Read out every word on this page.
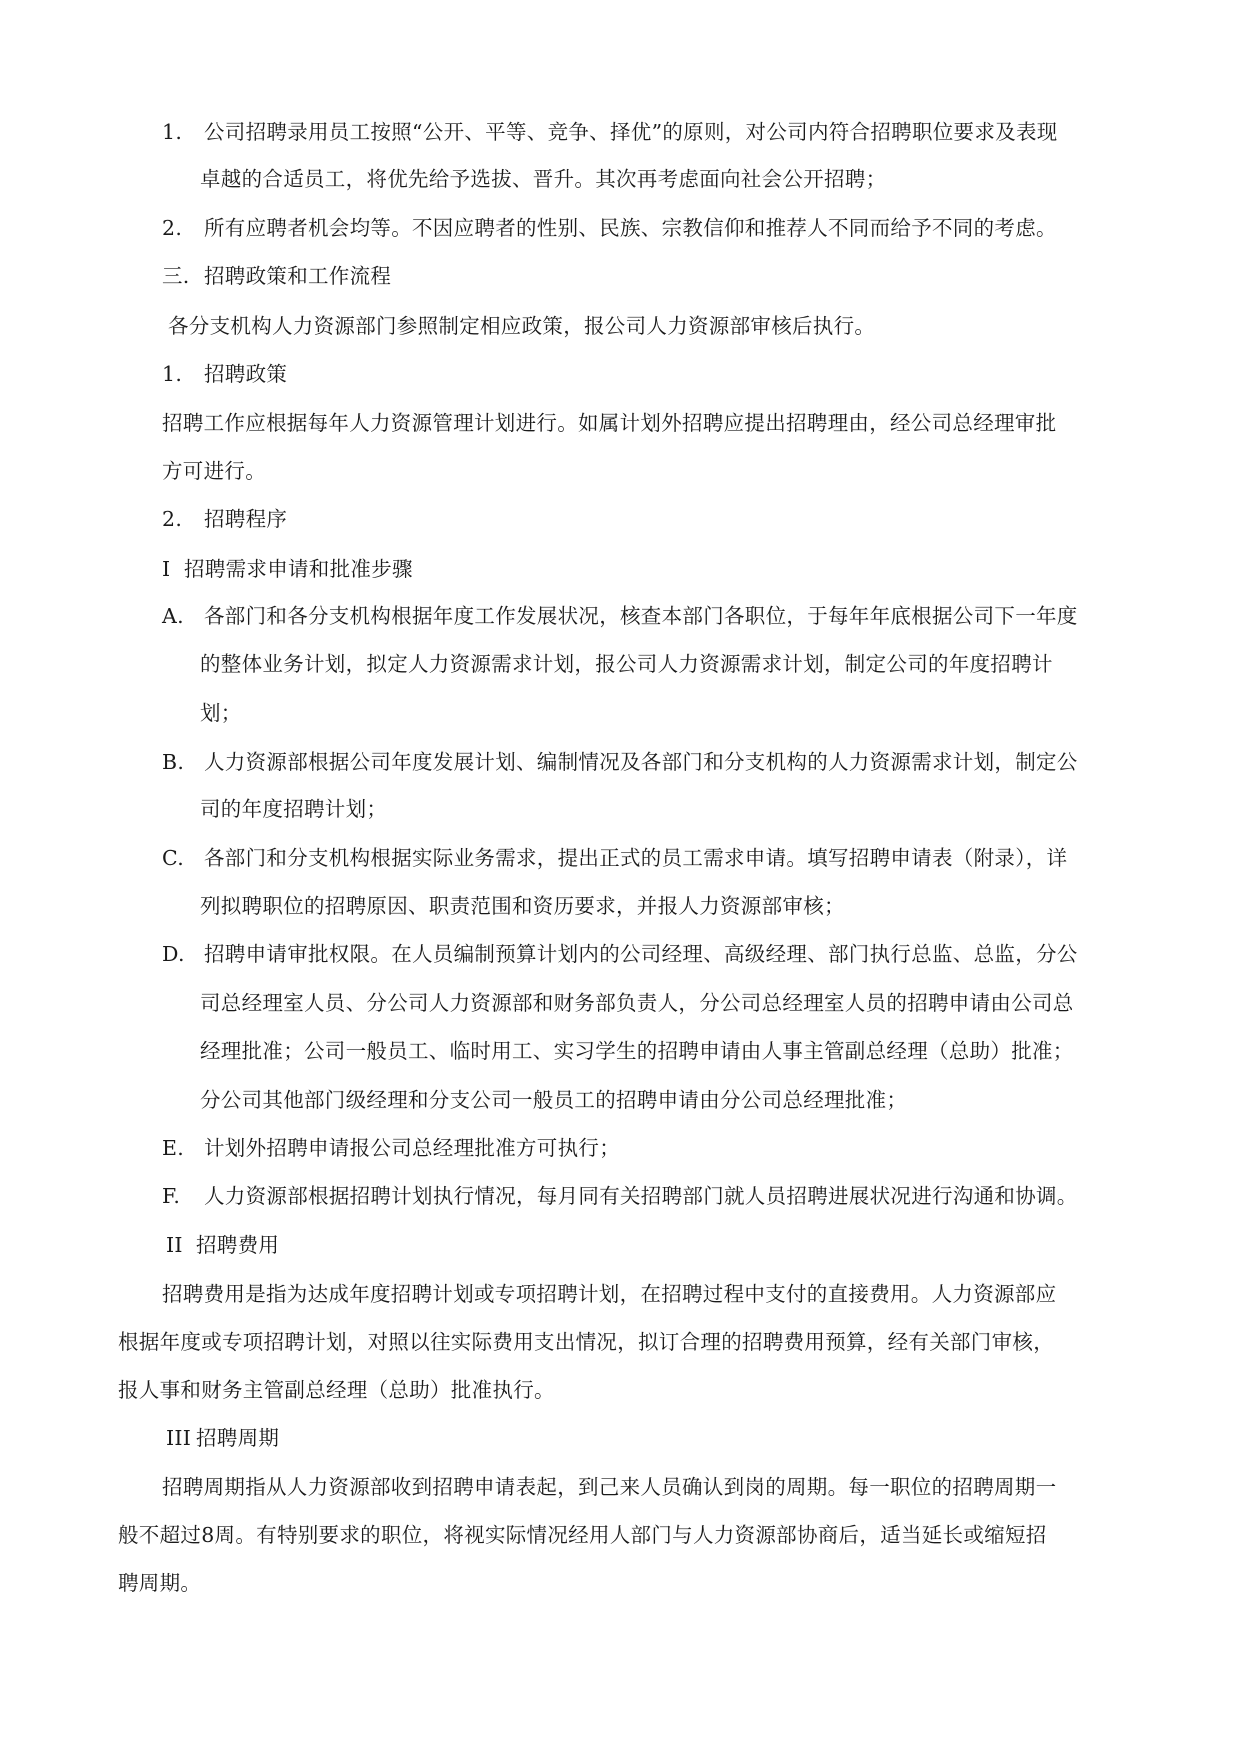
1. 公司招聘录用员工按照“公开、平等、竞争、择优”的原则，对公司内符合招聘职位要求及表现
卓越的合适员工，将优先给予选拔、晋升。其次再考虑面向社会公开招聘；
2. 所有应聘者机会均等。不因应聘者的性别、民族、宗教信仰和推荐人不同而给予不同的考虑。
三. 招聘政策和工作流程
各分支机构人力资源部门参照制定相应政策，报公司人力资源部审核后执行。
1. 招聘政策
招聘工作应根据每年人力资源管理计划进行。如属计划外招聘应提出招聘理由，经公司总经理审批
方可进行。
2. 招聘程序
I 招聘需求申请和批准步骤
A. 各部门和各分支机构根据年度工作发展状况，核查本部门各职位，于每年年底根据公司下一年度
的整体业务计划，拟定人力资源需求计划，报公司人力资源需求计划，制定公司的年度招聘计
划；
B. 人力资源部根据公司年度发展计划、编制情况及各部门和分支机构的人力资源需求计划，制定公
司的年度招聘计划；
C. 各部门和分支机构根据实际业务需求，提出正式的员工需求申请。填写招聘申请表（附录），详
列拟聘职位的招聘原因、职责范围和资历要求，并报人力资源部审核；
D. 招聘申请审批权限。在人员编制预算计划内的公司经理、高级经理、部门执行总监、总监，分公
司总经理室人员、分公司人力资源部和财务部负责人，分公司总经理室人员的招聘申请由公司总
经理批准；公司一般员工、临时用工、实习学生的招聘申请由人事主管副总经理（总助）批准；
分公司其他部门级经理和分支公司一般员工的招聘申请由分公司总经理批准；
E. 计划外招聘申请报公司总经理批准方可执行；
F. 人力资源部根据招聘计划执行情况，每月同有关招聘部门就人员招聘进展状况进行沟通和协调。
II 招聘费用
招聘费用是指为达成年度招聘计划或专项招聘计划，在招聘过程中支付的直接费用。人力资源部应
根据年度或专项招聘计划，对照以往实际费用支出情况，拟订合理的招聘费用预算，经有关部门审核，
报人事和财务主管副总经理（总助）批准执行。
III 招聘周期
招聘周期指从人力资源部收到招聘申请表起，到己来人员确认到岗的周期。每一职位的招聘周期一
般不超过8周。有特别要求的职位，将视实际情况经用人部门与人力资源部协商后，适当延长或缩短招
聘周期。
